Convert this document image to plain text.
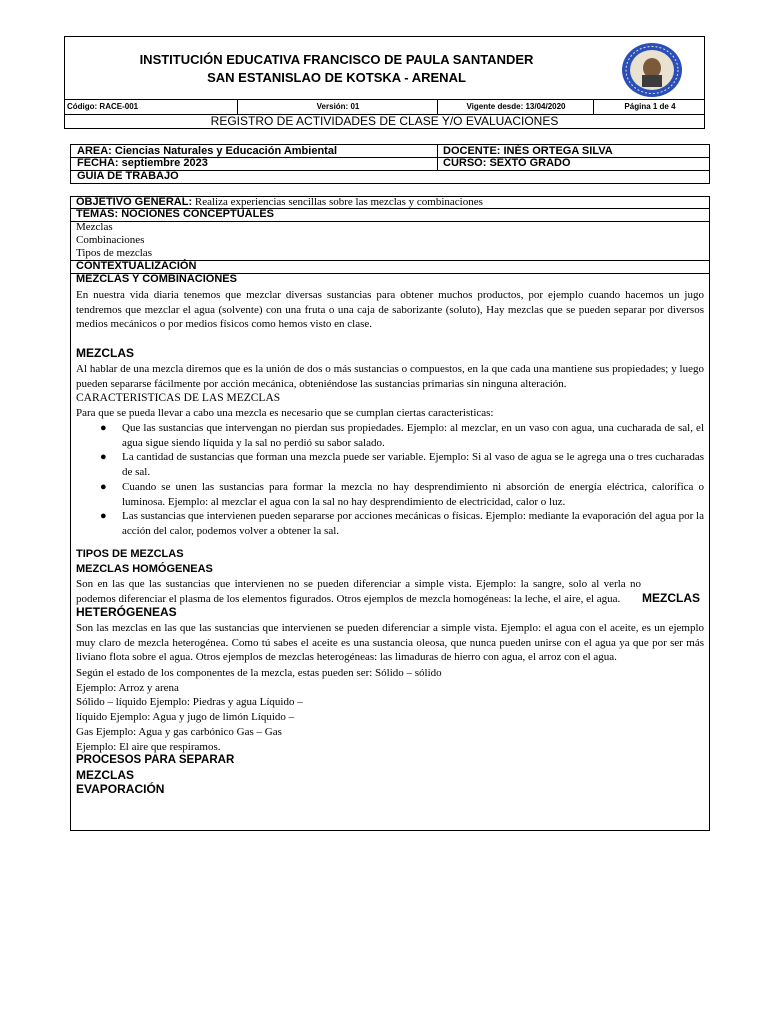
INSTITUCIÓN EDUCATIVA FRANCISCO DE PAULA SANTANDER
SAN ESTANISLAO DE KOTSKA - ARENAL
Código: RACE-001	Versión: 01	Vigente desde: 13/04/2020	Página 1 de 4
REGISTRO DE ACTIVIDADES DE CLASE Y/O EVALUACIONES
AREA: Ciencias Naturales y Educación Ambiental	DOCENTE: INÉS ORTEGA SILVA
FECHA: septiembre 2023	CURSO: SEXTO GRADO
GUIA DE TRABAJO
OBJETIVO GENERAL: Realiza experiencias sencillas sobre las mezclas y combinaciones
TEMAS: NOCIONES CONCEPTUALES
Mezclas
Combinaciones
Tipos de mezclas
CONTEXTUALIZACIÓN
MEZCLAS Y COMBINACIONES
En nuestra vida diaria tenemos que mezclar diversas sustancias para obtener muchos productos, por ejemplo cuando hacemos un jugo tendremos que mezclar el agua (solvente) con una fruta o una caja de saborizante (soluto), Hay mezclas que se pueden separar por diversos medios mecánicos o por medios físicos como hemos visto en clase.
MEZCLAS
Al hablar de una mezcla diremos que es la unión de dos o más sustancias o compuestos, en la que cada una mantiene sus propiedades; y luego pueden separarse fácilmente por acción mecánica, obteniéndose las sustancias primarias sin ninguna alteración.
CARACTERISTICAS DE LAS MEZCLAS
Para que se pueda llevar a cabo una mezcla es necesario que se cumplan ciertas caracteristicas:
● Que las sustancias que intervengan no pierdan sus propiedades. Ejemplo: al mezclar, en un vaso con agua, una cucharada de sal, el agua sigue siendo líquida y la sal no perdió su sabor salado.
● La cantidad de sustancias que forman una mezcla puede ser variable. Ejemplo: Si al vaso de agua se le agrega una o tres cucharadas de sal.
● Cuando se unen las sustancias para formar la mezcla no hay desprendimiento ni absorción de energía eléctrica, calorífica o luminosa. Ejemplo: al mezclar el agua con la sal no hay desprendimiento de electricidad, calor o luz.
● Las sustancias que intervienen pueden separarse por acciones mecánicas o físicas. Ejemplo: mediante la evaporación del agua por la acción del calor, podemos volver a obtener la sal.
TIPOS DE MEZCLAS
MEZCLAS HOMÓGENEAS
Son en las que las sustancias que intervienen no se pueden diferenciar a simple vista. Ejemplo: la sangre, solo al verla no podemos diferenciar el plasma de los elementos figurados. Otros ejemplos de mezcla homogéneas: la leche, el aire, el agua.	MEZCLAS
HETERÓGENEAS
Son las mezclas en las que las sustancias que intervienen se pueden diferenciar a simple vista. Ejemplo: el agua con el aceite, es un ejemplo muy claro de mezcla heterogénea. Como tú sabes el aceite es una sustancia oleosa, que nunca pueden unirse con el agua ya que por ser más liviano flota sobre el agua. Otros ejemplos de mezclas heterogéneas: las limaduras de hierro con agua, el arroz con el agua.
Según el estado de los componentes de la mezcla, estas pueden ser: Sólido – sólido
Ejemplo: Arroz y arena
Sólido – líquido Ejemplo: Piedras y agua Líquido –
líquido Ejemplo: Agua y jugo de limón Líquido –
Gas Ejemplo: Agua y gas carbónico Gas – Gas
Ejemplo: El aire que respiramos.
PROCESOS PARA SEPARAR
MEZCLAS
EVAPORACIÓN
